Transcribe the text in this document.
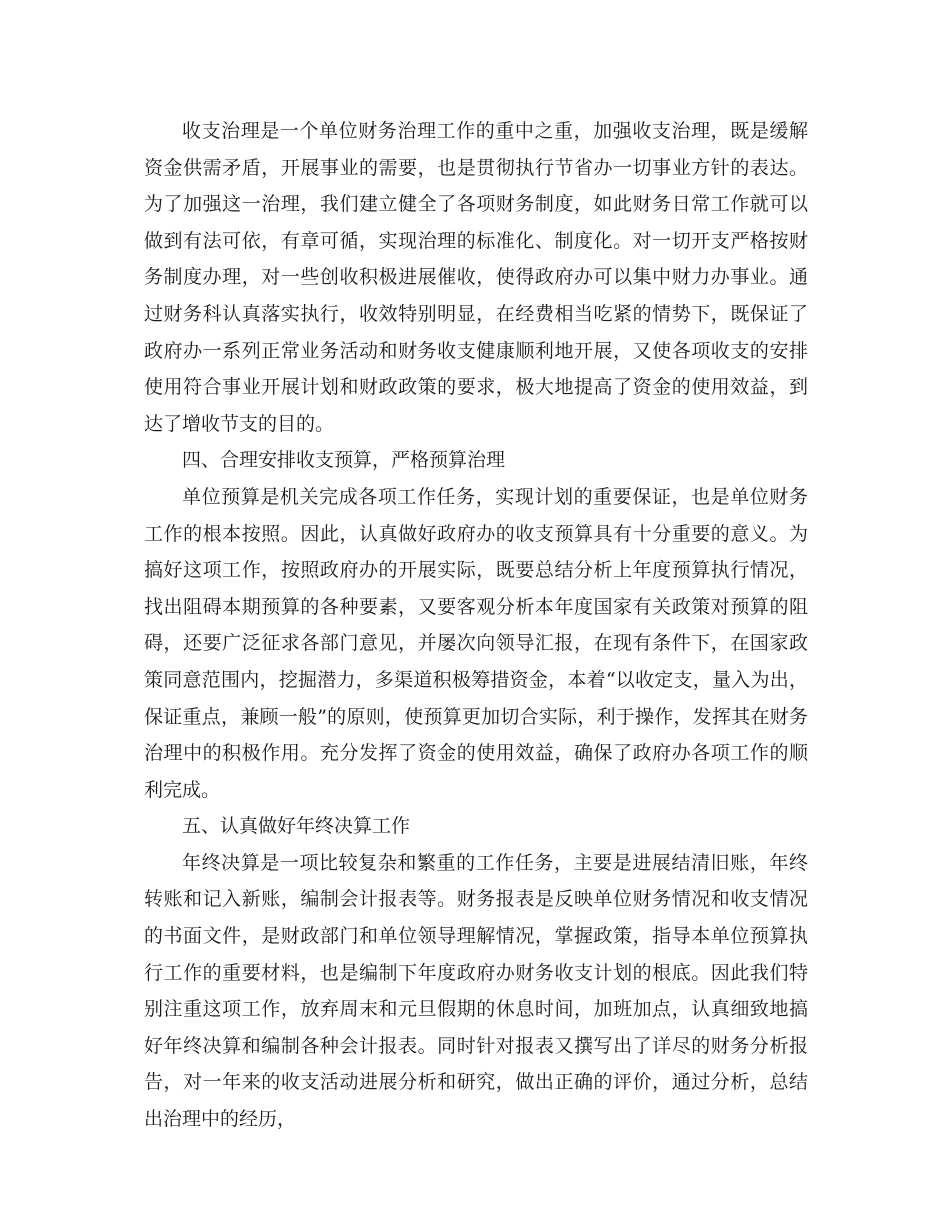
收支治理是一个单位财务治理工作的重中之重，加强收支治理，既是缓解资金供需矛盾，开展事业的需要，也是贯彻执行节省办一切事业方针的表达。为了加强这一治理，我们建立健全了各项财务制度，如此财务日常工作就可以做到有法可依，有章可循，实现治理的标准化、制度化。对一切开支严格按财务制度办理，对一些创收积极进展催收，使得政府办可以集中财力办事业。通过财务科认真落实执行，收效特别明显，在经费相当吃紧的情势下，既保证了政府办一系列正常业务活动和财务收支健康顺利地开展，又使各项收支的安排使用符合事业开展计划和财政政策的要求，极大地提高了资金的使用效益，到达了增收节支的目的。

四、合理安排收支预算，严格预算治理

单位预算是机关完成各项工作任务，实现计划的重要保证，也是单位财务工作的根本按照。因此，认真做好政府办的收支预算具有十分重要的意义。为搞好这项工作，按照政府办的开展实际，既要总结分析上年度预算执行情况，找出阻碍本期预算的各种要素，又要客观分析本年度国家有关政策对预算的阻碍，还要广泛征求各部门意见，并屡次向领导汇报，在现有条件下，在国家政策同意范围内，挖掘潜力，多渠道积极筹措资金，本着“以收定支，量入为出，保证重点，兼顾一般”的原则，使预算更加切合实际，利于操作，发挥其在财务治理中的积极作用。充分发挥了资金的使用效益，确保了政府办各项工作的顺利完成。

五、认真做好年终决算工作

年终决算是一项比较复杂和繁重的工作任务，主要是进展结清旧账，年终转账和记入新账，编制会计报表等。财务报表是反映单位财务情况和收支情况的书面文件，是财政部门和单位领导理解情况，掌握政策，指导本单位预算执行工作的重要材料，也是编制下年度政府办财务收支计划的根底。因此我们特别注重这项工作，放弃周末和元旦假期的休息时间，加班加点，认真细致地搞好年终决算和编制各种会计报表。同时针对报表又撰写出了详尽的财务分析报告，对一年来的收支活动进展分析和研究，做出正确的评价，通过分析，总结出治理中的经历，
